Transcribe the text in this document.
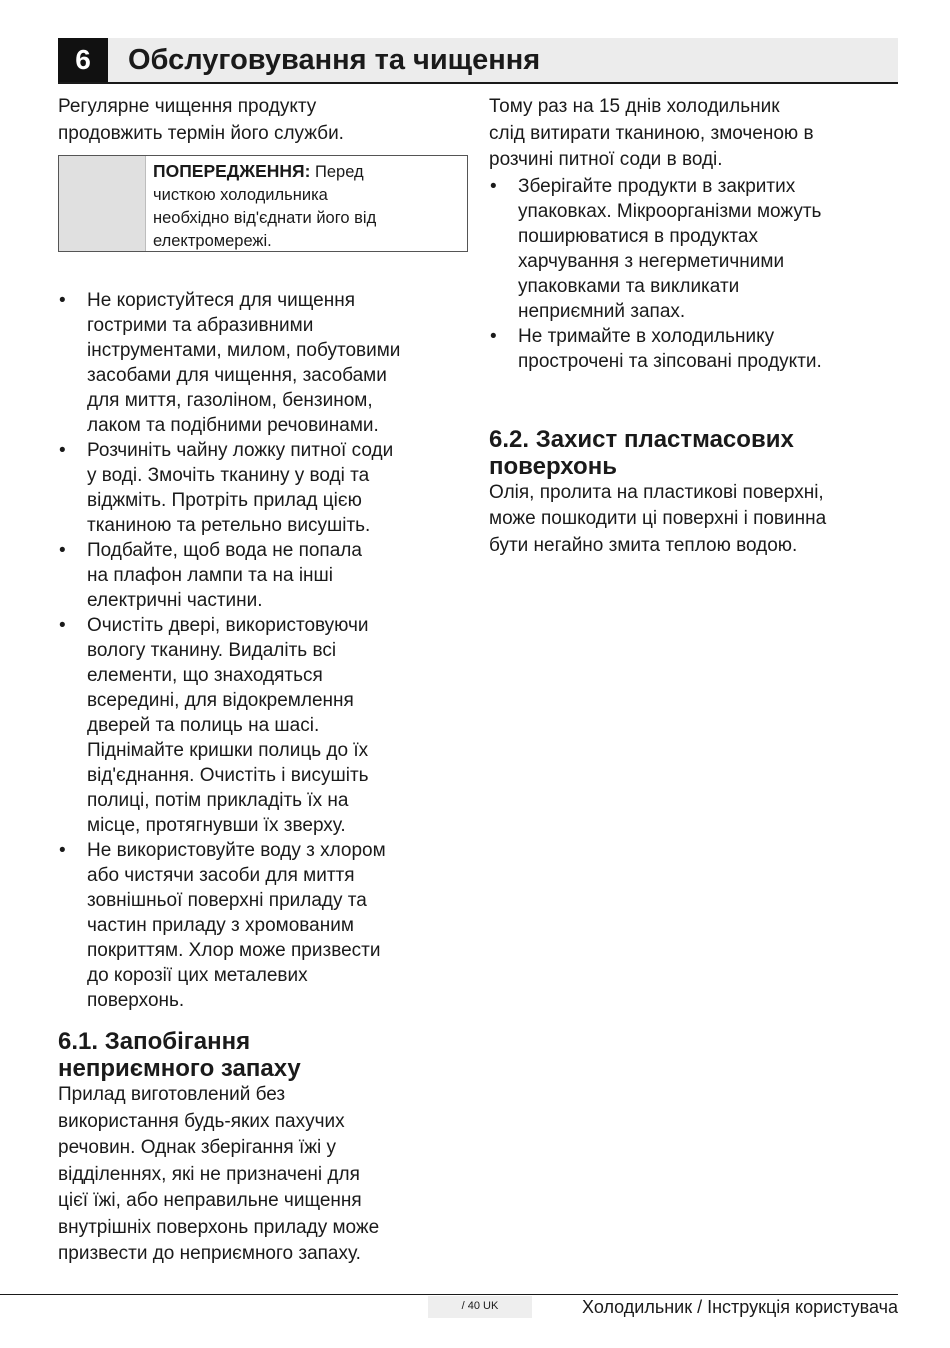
6	Обслуговування та чищення

Регулярне чищення продукту
продовжить термін його служби.

ПОПЕРЕДЖЕННЯ: Перед
чисткою холодильника
необхідно від'єднати його від
електромережі.
• Не користуйтеся для чищення
гострими та абразивними
інструментами, милом, побутовими
засобами для чищення, засобами
для миття, газоліном, бензином,
лаком та подібними речовинами.
• Розчиніть чайну ложку питної соди
у воді. Змочіть тканину у воді та
віджміть. Протріть прилад цією
тканиною та ретельно висушіть.
• Подбайте, щоб вода не попала
на плафон лампи та на інші
електричні частини.
• Очистіть двері, використовуючи
вологу тканину. Видаліть всі
елементи, що знаходяться
всередині, для відокремлення
дверей та полиць на шасі.
Піднімайте кришки полиць до їх
від'єднання. Очистіть і висушіть
полиці, потім прикладіть їх на
місце, протягнувши їх зверху.
• Не використовуйте воду з хлором
або чистячи засоби для миття
зовнішньої поверхні приладу та
частин приладу з хромованим
покриттям. Хлор може призвести
до корозії цих металевих
поверхонь.
6.1. Запобігання
неприємного запаху

Прилад виготовлений без
використання будь-яких пахучих
речовин. Однак зберігання їжі у
відділеннях, які не призначені для
цієї їжі, або неправильне чищення
внутрішніх поверхонь приладу може
призвести до неприємного запаху.

Тому раз на 15 днів холодильник
слід витирати тканиною, змоченою в
розчині питної соди в воді.

• Зберігайте продукти в закритих
упаковках. Мікроорганізми можуть
поширюватися в продуктах
харчування з негерметичними
упаковками та викликати
неприємний запах.
• Не тримайте в холодильнику
прострочені та зіпсовані продукти.
6.2. Захист пластмасових
поверхонь

Олія, пролита на пластикові поверхні,
може пошкодити ці поверхні і повинна
бути негайно змита теплою водою.

/ 40 UK	Холодильник / Інструкція користувача
